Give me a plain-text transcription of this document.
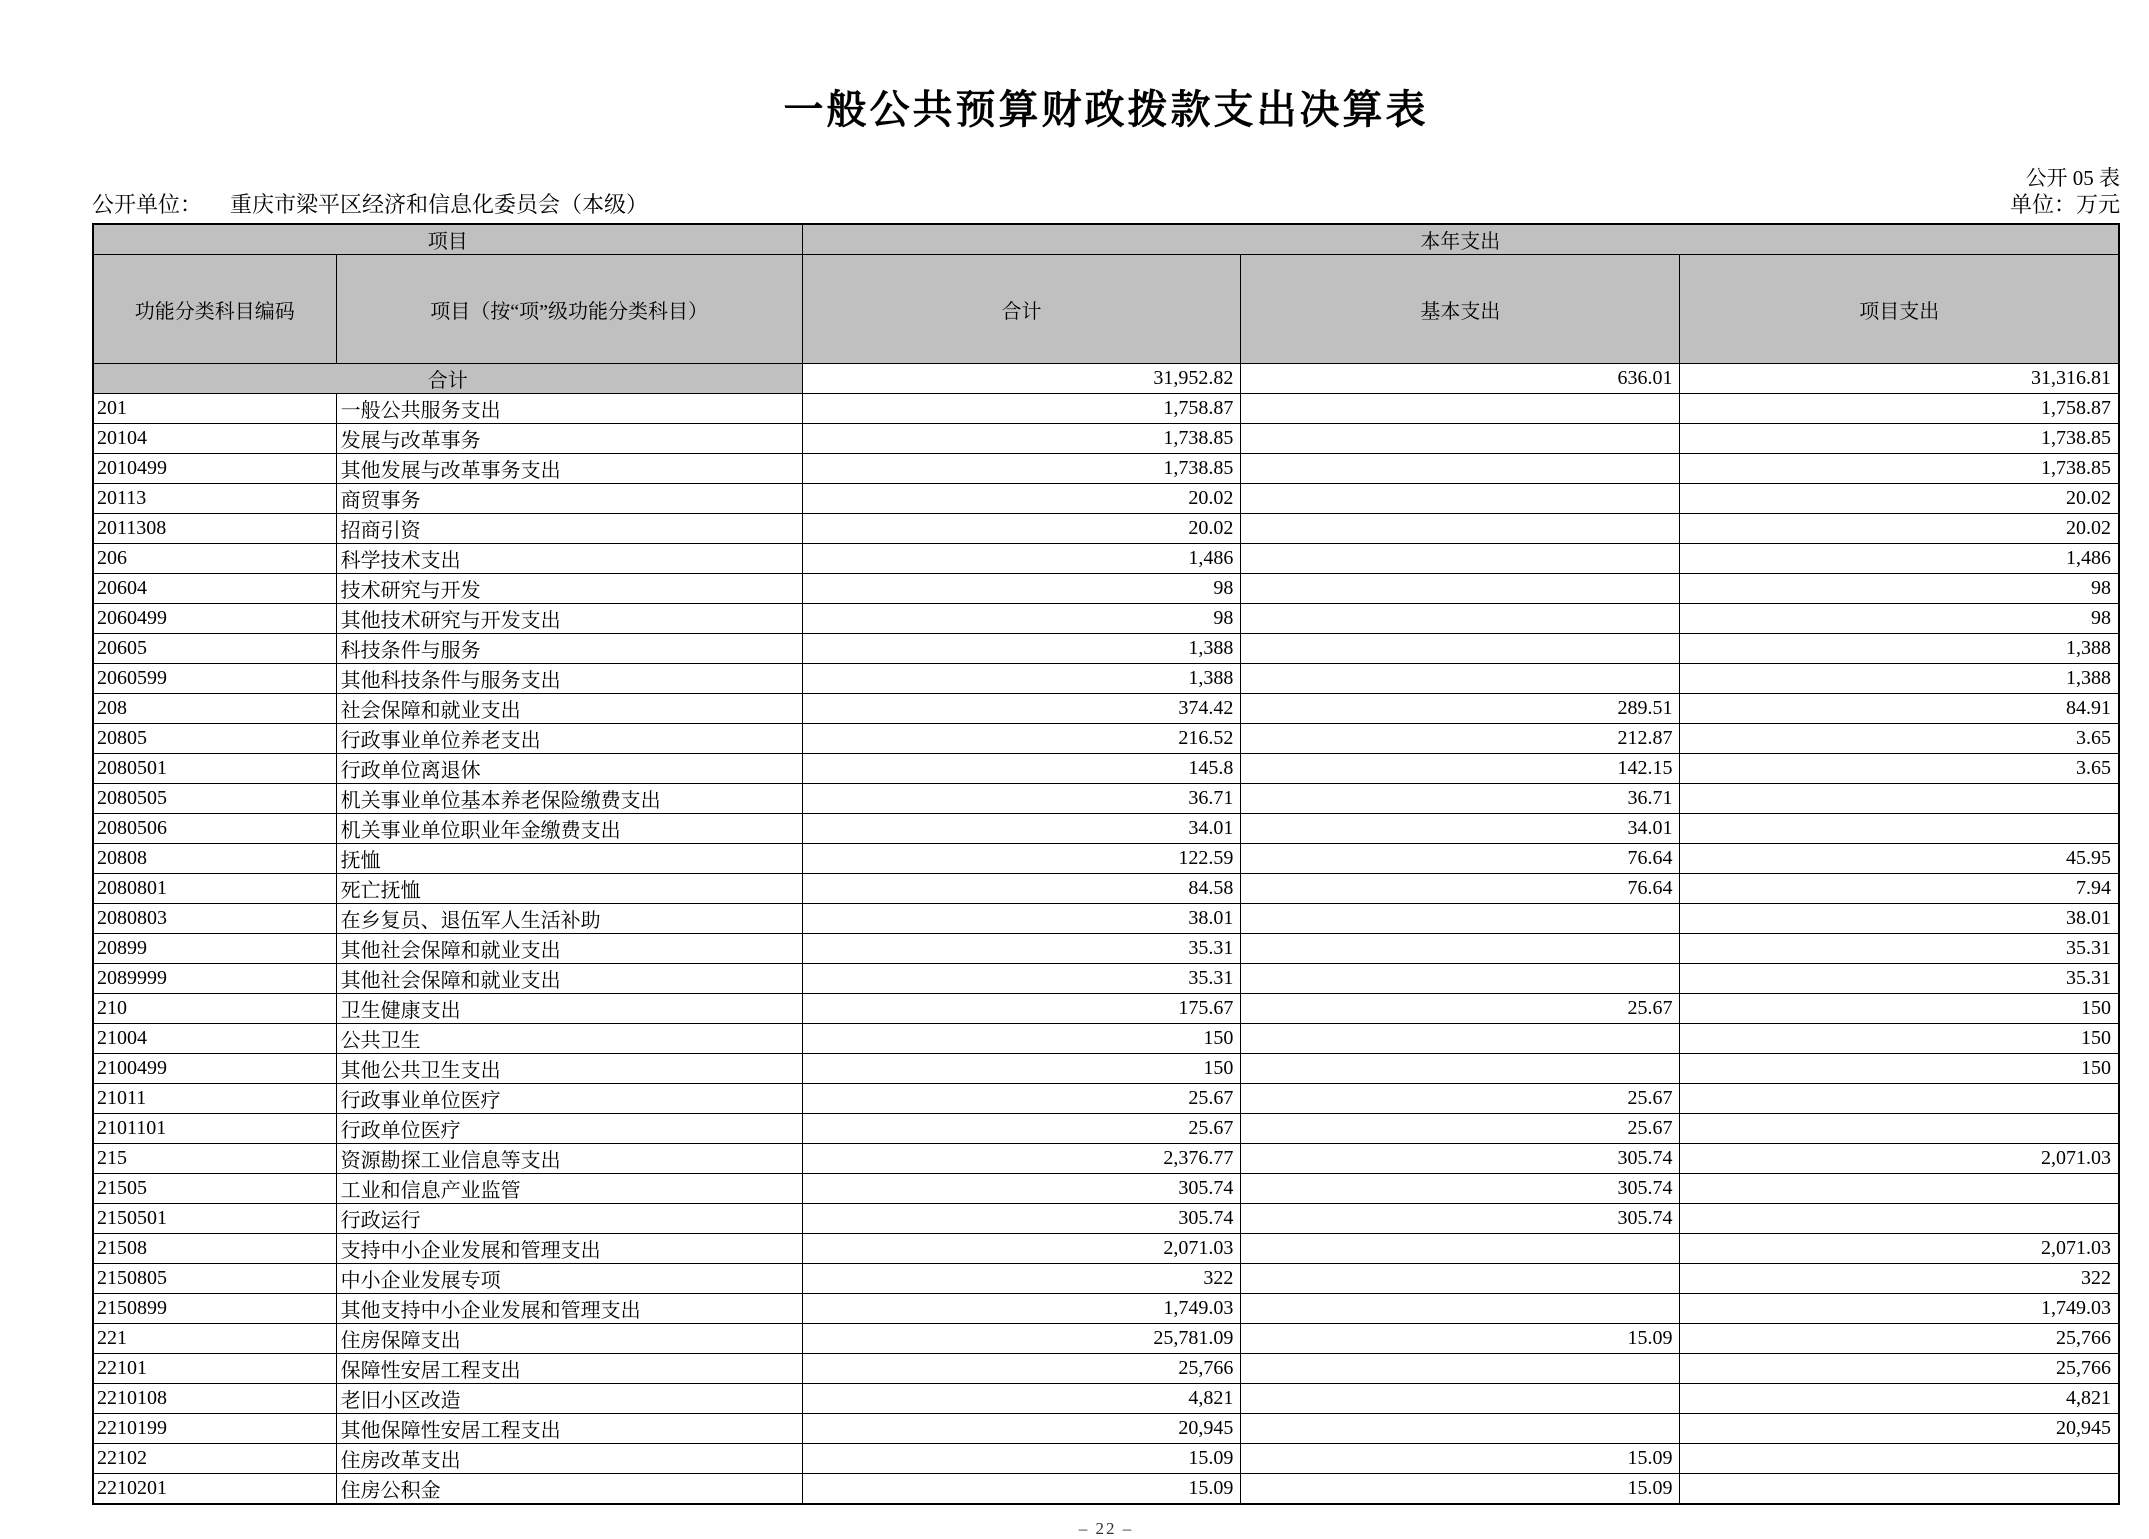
一般公共预算财政拨款支出决算表
公开 05 表
公开单位： 重庆市梁平区经济和信息化委员会（本级）	单位：万元
项目		本年支出		
功能分类科目编码	项目（按“项”级功能分类科目）	合计	基本支出	项目支出
合计		31,952.82	636.01	31,316.81
201	一般公共服务支出	1,758.87		1,758.87
20104	发展与改革事务	1,738.85		1,738.85
2010499	其他发展与改革事务支出	1,738.85		1,738.85
20113	商贸事务	20.02		20.02
2011308	招商引资	20.02		20.02
206	科学技术支出	1,486		1,486
20604	技术研究与开发	98		98
2060499	其他技术研究与开发支出	98		98
20605	科技条件与服务	1,388		1,388
2060599	其他科技条件与服务支出	1,388		1,388
208	社会保障和就业支出	374.42	289.51	84.91
20805	行政事业单位养老支出	216.52	212.87	3.65
2080501	行政单位离退休	145.8	142.15	3.65
2080505	机关事业单位基本养老保险缴费支出	36.71	36.71	
2080506	机关事业单位职业年金缴费支出	34.01	34.01	
20808	抚恤	122.59	76.64	45.95
2080801	死亡抚恤	84.58	76.64	7.94
2080803	在乡复员、退伍军人生活补助	38.01		38.01
20899	其他社会保障和就业支出	35.31		35.31
2089999	其他社会保障和就业支出	35.31		35.31
210	卫生健康支出	175.67	25.67	150
21004	公共卫生	150		150
2100499	其他公共卫生支出	150		150
21011	行政事业单位医疗	25.67	25.67	
2101101	行政单位医疗	25.67	25.67	
215	资源勘探工业信息等支出	2,376.77	305.74	2,071.03
21505	工业和信息产业监管	305.74	305.74	
2150501	行政运行	305.74	305.74	
21508	支持中小企业发展和管理支出	2,071.03		2,071.03
2150805	中小企业发展专项	322		322
2150899	其他支持中小企业发展和管理支出	1,749.03		1,749.03
221	住房保障支出	25,781.09	15.09	25,766
22101	保障性安居工程支出	25,766		25,766
2210108	老旧小区改造	4,821		4,821
2210199	其他保障性安居工程支出	20,945		20,945
22102	住房改革支出	15.09	15.09	
2210201	住房公积金	15.09	15.09	
– 22 –
